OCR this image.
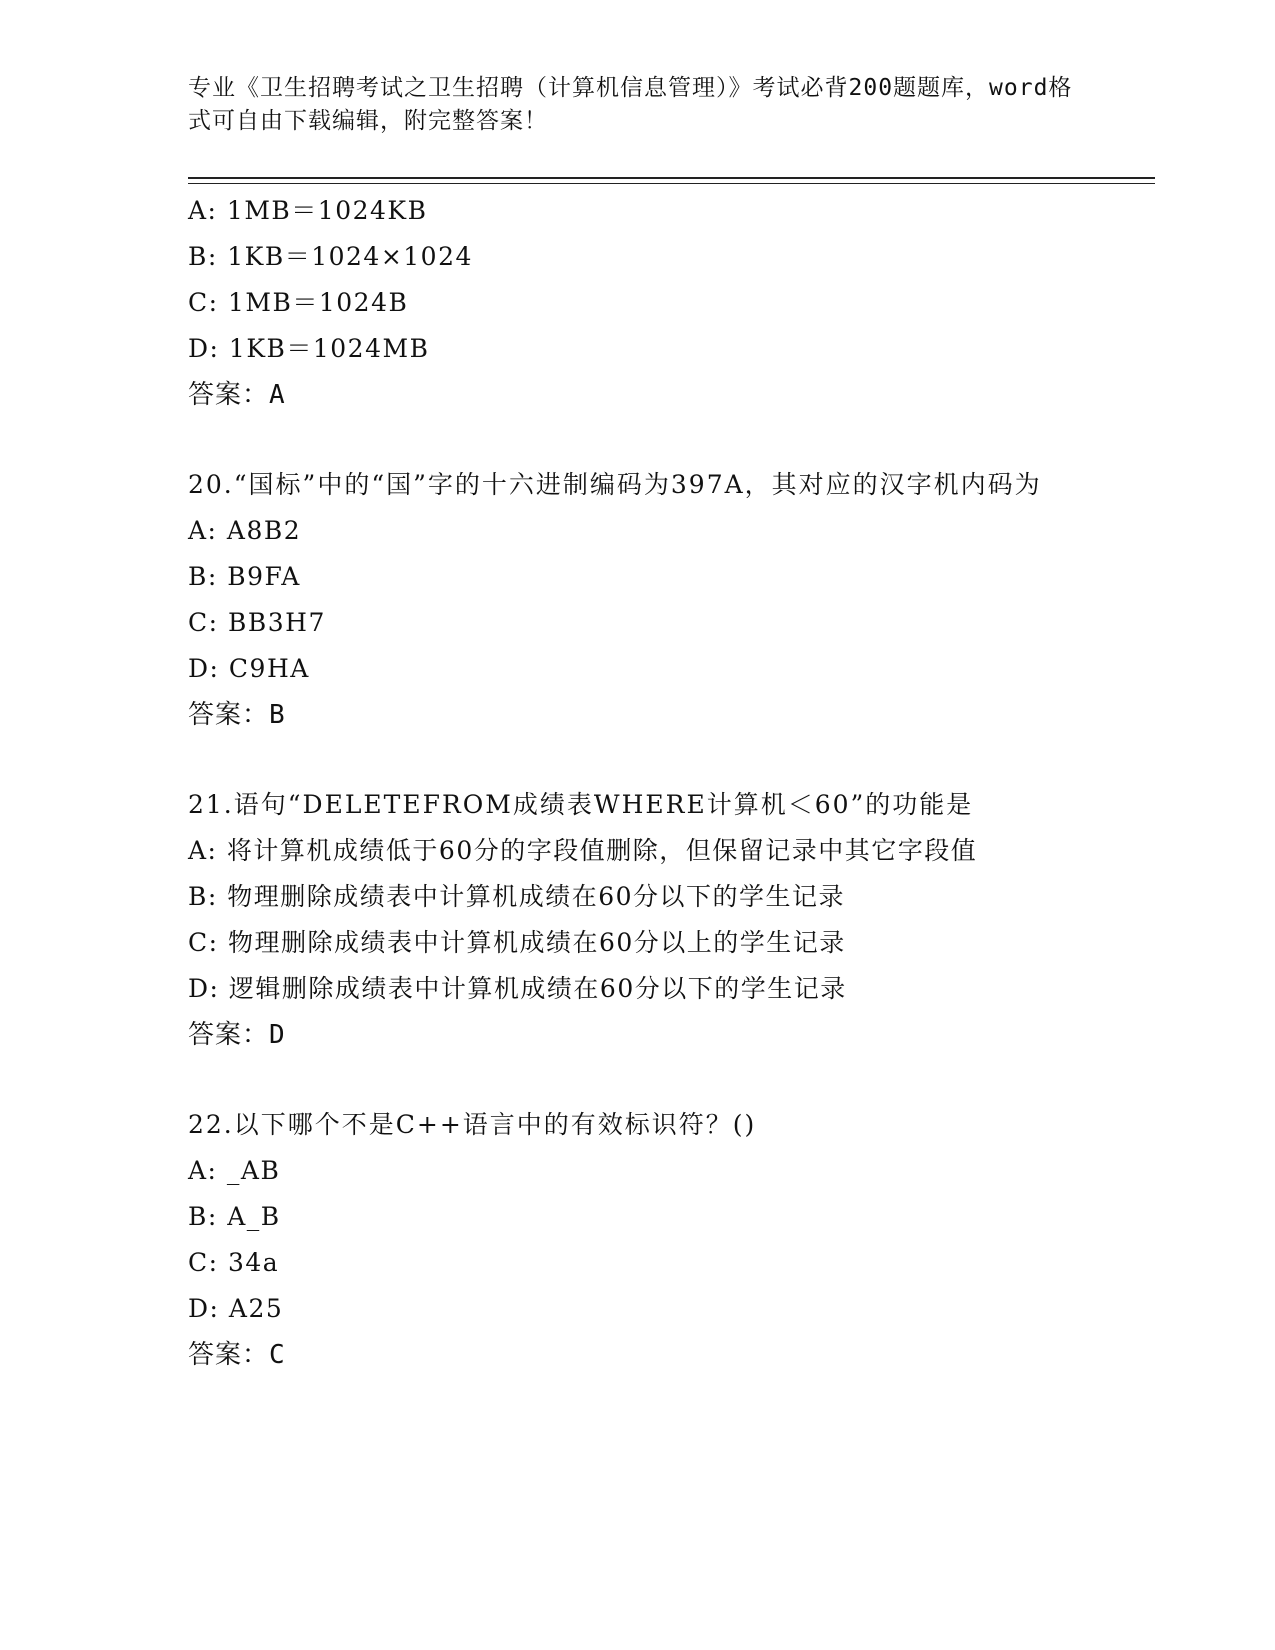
专业《卫生招聘考试之卫生招聘（计算机信息管理）》考试必背200题题库，word格式可自由下载编辑，附完整答案！
A: 1MB＝1024KB
B: 1KB＝1024×1024
C: 1MB＝1024B
D: 1KB＝1024MB
答案：A
20.“国标”中的“国”字的十六进制编码为397A，其对应的汉字机内码为
A: A8B2
B: B9FA
C: BB3H7
D: C9HA
答案：B
21.语句“DELETEFROM成绩表WHERE计算机＜60”的功能是
A: 将计算机成绩低于60分的字段值删除，但保留记录中其它字段值
B: 物理删除成绩表中计算机成绩在60分以下的学生记录
C: 物理删除成绩表中计算机成绩在60分以上的学生记录
D: 逻辑删除成绩表中计算机成绩在60分以下的学生记录
答案：D
22.以下哪个不是C++语言中的有效标识符？()
A: _AB
B: A_B
C: 34a
D: A25
答案：C
